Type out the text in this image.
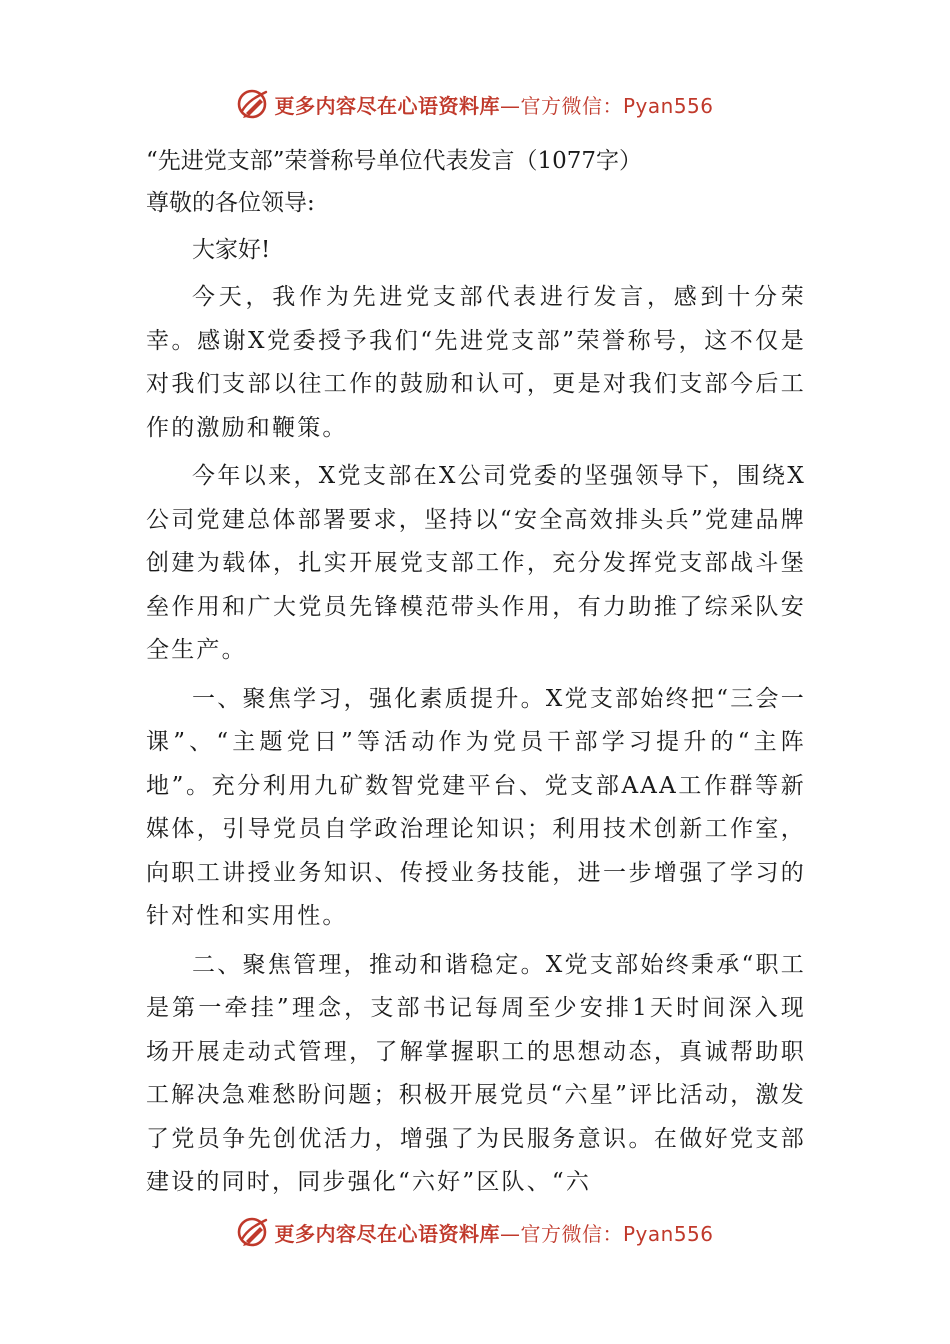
更多内容尽在心语资料库—官方微信：Pyan556

“先进党支部”荣誉称号单位代表发言（1077字）

尊敬的各位领导:

大家好!

今天，我作为先进党支部代表进行发言，感到十分荣幸。感谢X党委授予我们“先进党支部”荣誉称号，这不仅是对我们支部以往工作的鼓励和认可，更是对我们支部今后工作的激励和鞭策。

今年以来，X党支部在X公司党委的坚强领导下，围绕X公司党建总体部署要求，坚持以“安全高效排头兵”党建品牌创建为载体，扎实开展党支部工作，充分发挥党支部战斗堡垒作用和广大党员先锋模范带头作用，有力助推了综采队安全生产。

一、聚焦学习，强化素质提升。X党支部始终把“三会一课”、“主题党日”等活动作为党员干部学习提升的“主阵地”。充分利用九矿数智党建平台、党支部AAA工作群等新媒体，引导党员自学政治理论知识；利用技术创新工作室，向职工讲授业务知识、传授业务技能，进一步增强了学习的针对性和实用性。

二、聚焦管理，推动和谐稳定。X党支部始终秉承“职工是第一牵挂”理念，支部书记每周至少安排1天时间深入现场开展走动式管理，了解掌握职工的思想动态，真诚帮助职工解决急难愁盼问题；积极开展党员“六星”评比活动，激发了党员争先创优活力，增强了为民服务意识。在做好党支部建设的同时，同步强化“六好”区队、“六

更多内容尽在心语资料库—官方微信：Pyan556
